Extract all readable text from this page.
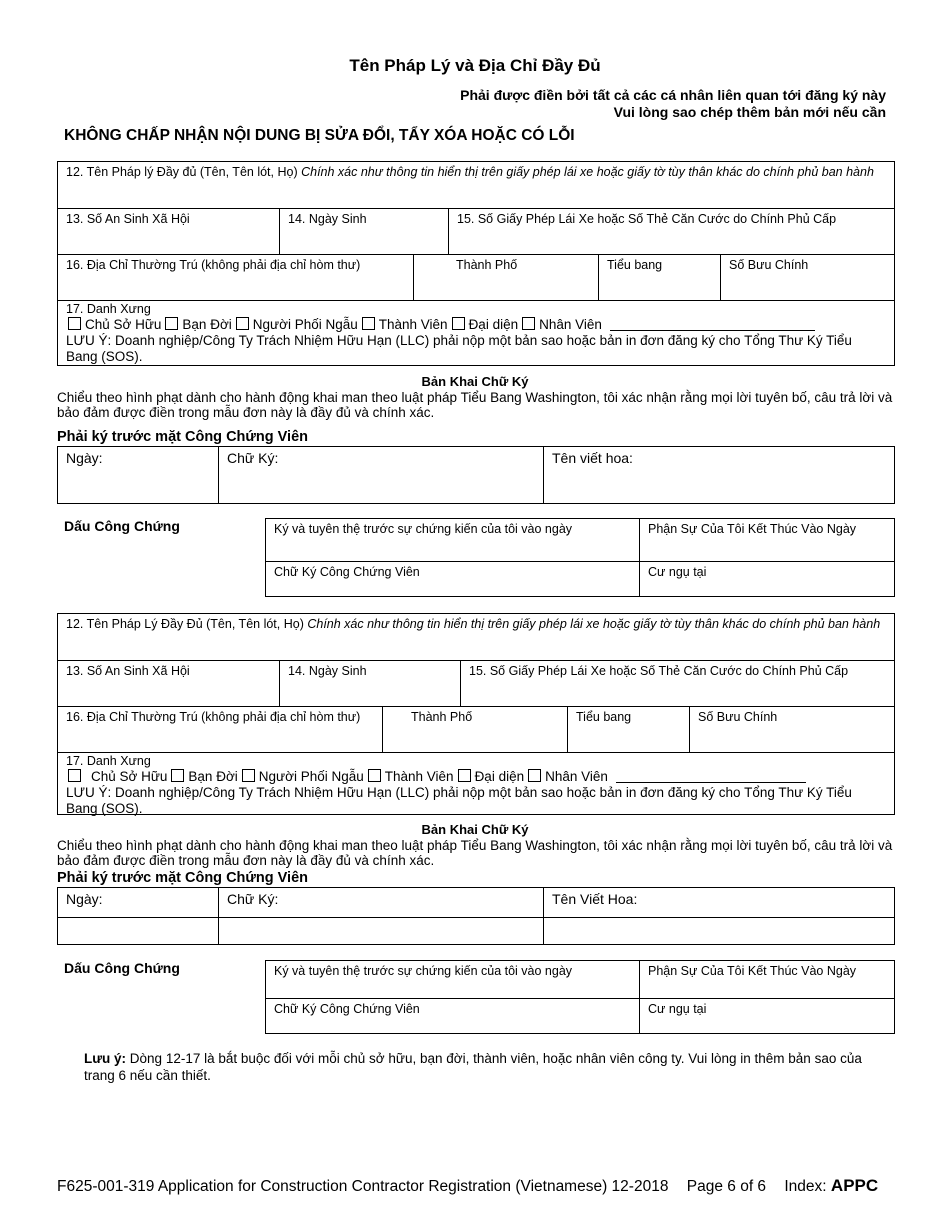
Tên Pháp Lý và Địa Chỉ Đầy Đủ
Phải được điền bởi tất cả các cá nhân liên quan tới đăng ký này
Vui lòng sao chép thêm bản mới nếu cần
KHÔNG CHẤP NHẬN NỘI DUNG BỊ SỬA ĐỔI, TẨY XÓA HOẶC CÓ LỖI
12. Tên Pháp lý Đầy đủ (Tên, Tên lót, Họ) Chính xác như thông tin hiển thị trên giấy phép lái xe hoặc giấy tờ tùy thân khác do chính phủ ban hành
13. Số An Sinh Xã Hội	14. Ngày Sinh	15. Số Giấy Phép Lái Xe hoặc Số Thẻ Căn Cước do Chính Phủ Cấp
16. Địa Chỉ Thường Trú (không phải địa chỉ hòm thư)	Thành Phố	Tiểu bang	Số Bưu Chính
17. Danh Xưng
Chủ Sở Hữu Bạn Đời Người Phối Ngẫu Thành Viên Đại diện Nhân Viên
LƯU Ý: Doanh nghiệp/Công Ty Trách Nhiệm Hữu Hạn (LLC) phải nộp một bản sao hoặc bản in đơn đăng ký cho Tổng Thư Ký Tiểu Bang (SOS).
Bản Khai Chữ Ký
Chiểu theo hình phạt dành cho hành động khai man theo luật pháp Tiểu Bang Washington, tôi xác nhận rằng mọi lời tuyên bố, câu trả lời và bảo đảm được điền trong mẫu đơn này là đầy đủ và chính xác.
Phải ký trước mặt Công Chứng Viên
Ngày:	Chữ Ký:	Tên viết hoa:
Dấu Công Chứng	Ký và tuyên thệ trước sự chứng kiến của tôi vào ngày	Phận Sự Của Tôi Kết Thúc Vào Ngày
Chữ Ký Công Chứng Viên	Cư ngụ tại
12. Tên Pháp Lý Đầy Đủ (Tên, Tên lót, Họ) Chính xác như thông tin hiển thị trên giấy phép lái xe hoặc giấy tờ tùy thân khác do chính phủ ban hành
13. Số An Sinh Xã Hội	14. Ngày Sinh	15. Số Giấy Phép Lái Xe hoặc Số Thẻ Căn Cước do Chính Phủ Cấp
16. Địa Chỉ Thường Trú (không phải địa chỉ hòm thư)	Thành Phố	Tiểu bang	Số Bưu Chính
17. Danh Xưng
Chủ Sở Hữu Bạn Đời Người Phối Ngẫu Thành Viên Đại diện Nhân Viên
LƯU Ý: Doanh nghiệp/Công Ty Trách Nhiệm Hữu Hạn (LLC) phải nộp một bản sao hoặc bản in đơn đăng ký cho Tổng Thư Ký Tiểu Bang (SOS).
Bản Khai Chữ Ký
Chiểu theo hình phạt dành cho hành động khai man theo luật pháp Tiểu Bang Washington, tôi xác nhận rằng mọi lời tuyên bố, câu trả lời và bảo đảm được điền trong mẫu đơn này là đầy đủ và chính xác.
Phải ký trước mặt Công Chứng Viên
Ngày:	Chữ Ký:	Tên Viết Hoa:
Dấu Công Chứng	Ký và tuyên thệ trước sự chứng kiến của tôi vào ngày	Phận Sự Của Tôi Kết Thúc Vào Ngày
Chữ Ký Công Chứng Viên	Cư ngụ tại
Lưu ý: Dòng 12-17 là bắt buộc đối với mỗi chủ sở hữu, bạn đời, thành viên, hoặc nhân viên công ty. Vui lòng in thêm bản sao của trang 6 nếu cần thiết.
F625-001-319 Application for Construction Contractor Registration (Vietnamese) 12-2018 Page 6 of 6 Index: APPC
